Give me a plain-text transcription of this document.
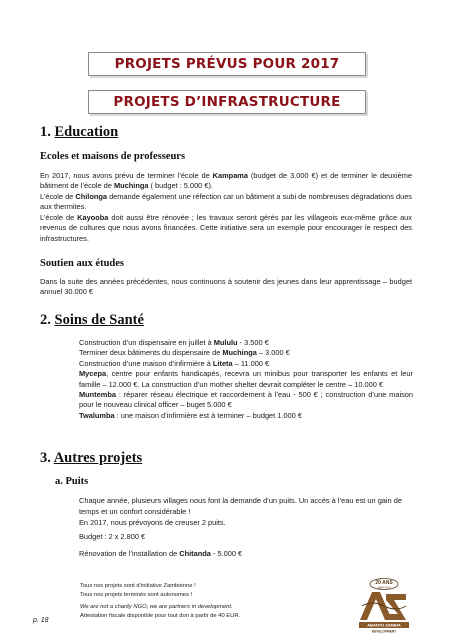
PROJETS PRÉVUS POUR 2017
PROJETS D’INFRASTRUCTURE
1. Education
Ecoles et maisons de professeurs

En 2017, nous avons prévu de terminer l’école de Kampama (budget de 3.000 €) et de terminer le deuxième bâtiment de l’école de Muchinga ( budget : 5.000 €).

L’école de Chilonga demande également une réfection car un bâtiment a subi de nombreuses dégradations dues aux thermites.

L’école de Kayooba doit aussi être rénovée ; les travaux seront gérés par les villageois eux-même grâce aux revenus de cultures que nous avons financées. Cette initiative sera un exemple pour encourager le respect des infrastructures.

Soutien aux études

Dans la suite des années précédentes, nous continuons à soutenir des jeunes dans leur apprentissage – budget annuel 30.000 €

2. Soins de Santé
Construction d’un dispensaire en juillet à Mululu - 3.500 €
Terminer deux bâtiments du dispensaire de Muchinga – 3.000 €
Construction d’une maison d’infirmière à Liteta – 11.000 €
Mycepa, centre pour enfants handicapés, recevra un minibus pour transporter les enfants et leur famille – 12.000 €. La construction d’un mother shelter devrait compléter le centre – 10.000 €
Muntemba : réparer réseau électrique et raccordement à l’eau - 500 € ; construction d’une maison pour le nouveau clinical officer – buget 5.000 €
Twalumba : une maison d’infirmière est à terminer – budget 1.000 €
3. Autres projets
a. Puits
Chaque année, plusieurs villages nous font la demande d’un puits. Un accès à l’eau est un gain de temps et un confort considérable !
En 2017, nous prévoyons de creuser 2 puits.
Budget : 2 x 2.800 €
Rénovation de l’installation de Chitanda - 5.000 €
Tous nos projets sont d’initiative Zambienne !
Tous nos projets terminés sont autonomes !
We are not a charity NGO, we are partners in development.
Attestation fiscale disponible pour tout don à partir de 40 EUR.
p. 18
20 ANS
1994-2014
ABANTU ZAMBIA
DEVELOPMENT
